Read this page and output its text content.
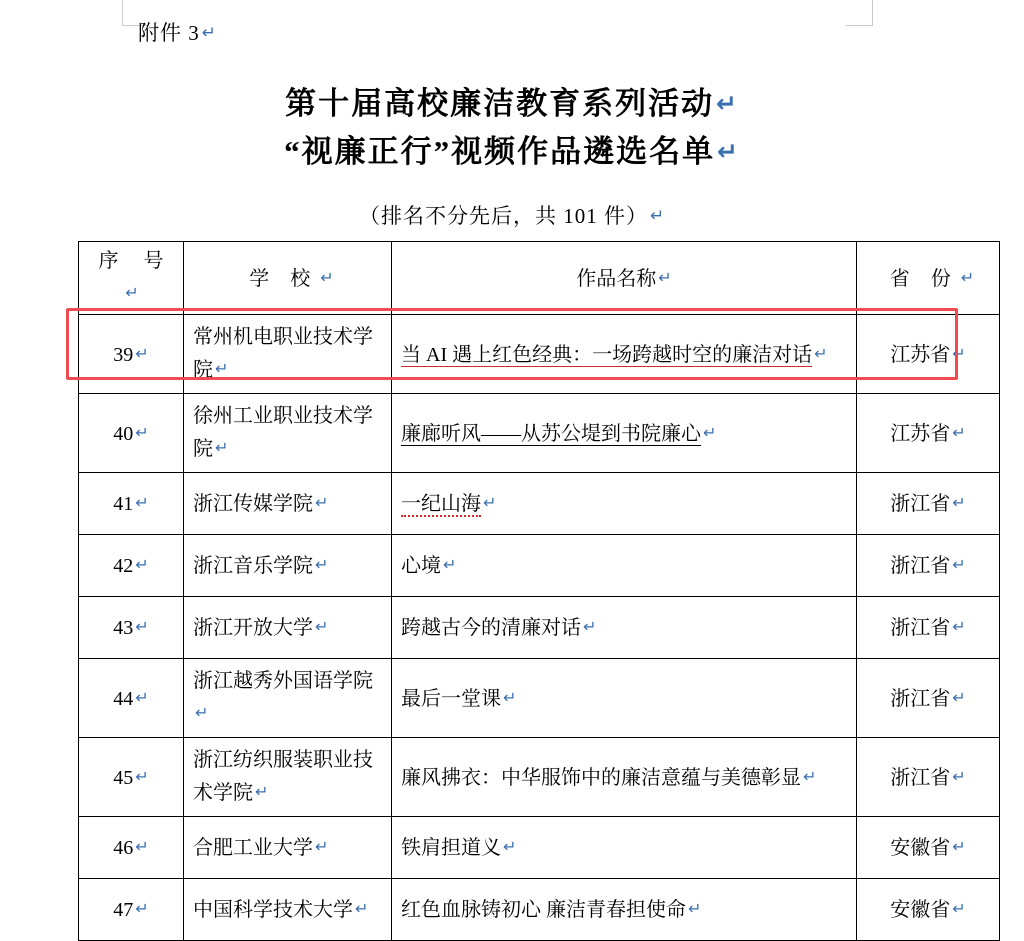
附件 3 ↵
第十届高校廉洁教育系列活动↵
“视廉正行”视频作品遴选名单↵
（排名不分先后，共 101 件） ↵
序 号↵	学 校 ↵	作品名称 ↵	省 份 ↵
39 ↵	常州机电职业技术学院 ↵	当 AI 遇上红色经典：一场跨越时空的廉洁对话 ↵	江苏省 ↵
40 ↵	徐州工业职业技术学院 ↵	廉廊听风——从苏公堤到书院廉心 ↵	江苏省 ↵
41 ↵	浙江传媒学院 ↵	一纪山海 ↵	浙江省 ↵
42 ↵	浙江音乐学院 ↵	心境 ↵	浙江省 ↵
43 ↵	浙江开放大学 ↵	跨越古今的清廉对话 ↵	浙江省 ↵
44 ↵	浙江越秀外国语学院↵	最后一堂课 ↵	浙江省 ↵
45 ↵	浙江纺织服装职业技术学院 ↵	廉风拂衣：中华服饰中的廉洁意蕴与美德彰显 ↵	浙江省 ↵
46 ↵	合肥工业大学 ↵	铁肩担道义 ↵	安徽省 ↵
47 ↵	中国科学技术大学 ↵	红色血脉铸初心 廉洁青春担使命 ↵	安徽省 ↵
